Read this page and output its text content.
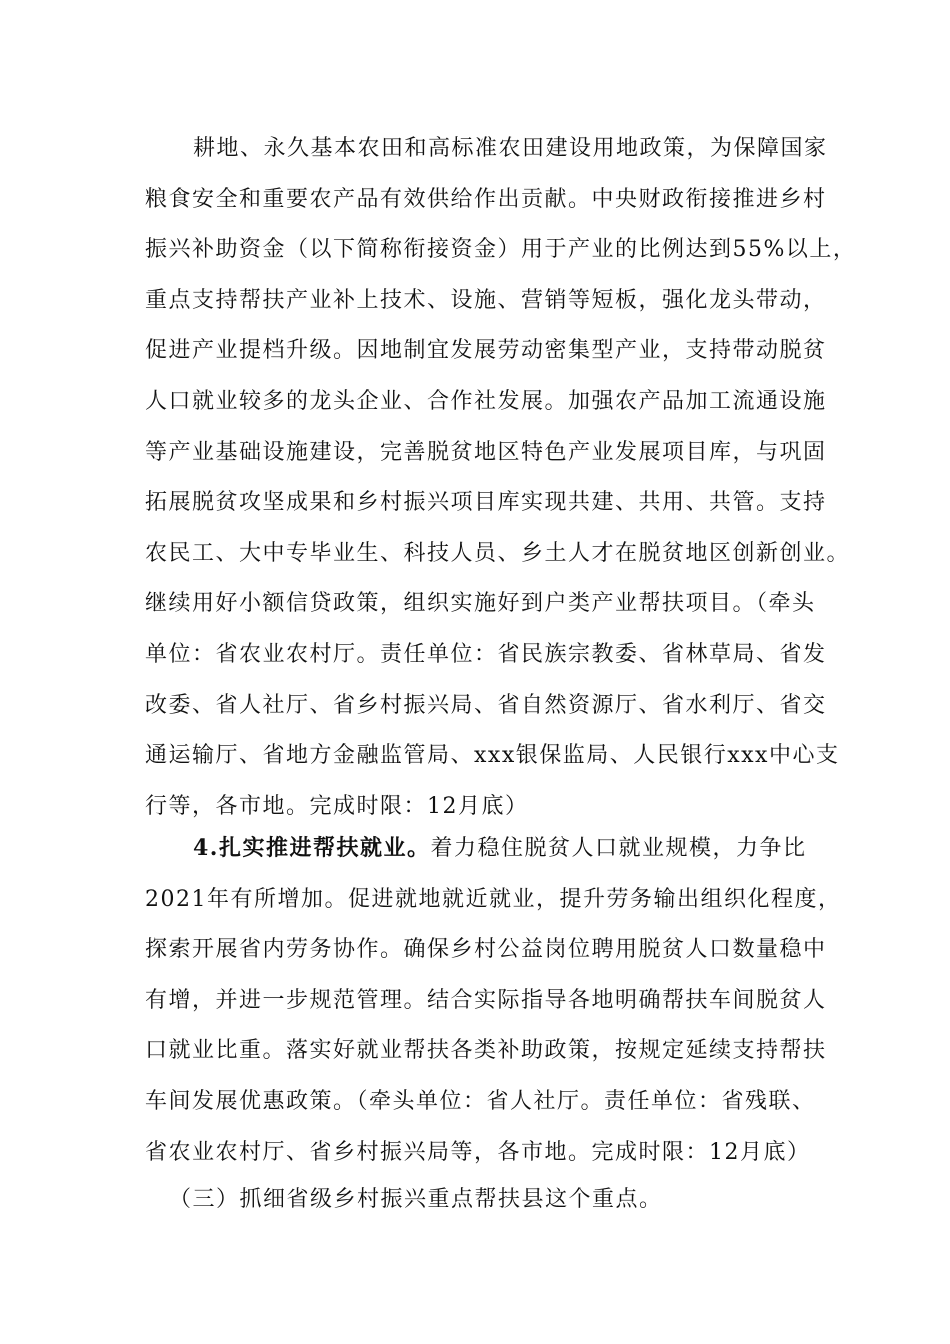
耕地、永久基本农田和高标准农田建设用地政策，为保障国家
粮食安全和重要农产品有效供给作出贡献。中央财政衔接推进乡村
振兴补助资金（以下简称衔接资金）用于产业的比例达到55%以上，
重点支持帮扶产业补上技术、设施、营销等短板，强化龙头带动，
促进产业提档升级。因地制宜发展劳动密集型产业，支持带动脱贫
人口就业较多的龙头企业、合作社发展。加强农产品加工流通设施
等产业基础设施建设，完善脱贫地区特色产业发展项目库，与巩固
拓展脱贫攻坚成果和乡村振兴项目库实现共建、共用、共管。支持
农民工、大中专毕业生、科技人员、乡土人才在脱贫地区创新创业。
继续用好小额信贷政策，组织实施好到户类产业帮扶项目。（牵头
单位：省农业农村厅。责任单位：省民族宗教委、省林草局、省发
改委、省人社厅、省乡村振兴局、省自然资源厅、省水利厅、省交
通运输厅、省地方金融监管局、xxx银保监局、人民银行xxx中心支
行等，各市地。完成时限：12月底）
4.扎实推进帮扶就业。着力稳住脱贫人口就业规模，力争比
2021年有所增加。促进就地就近就业，提升劳务输出组织化程度，
探索开展省内劳务协作。确保乡村公益岗位聘用脱贫人口数量稳中
有增，并进一步规范管理。结合实际指导各地明确帮扶车间脱贫人
口就业比重。落实好就业帮扶各类补助政策，按规定延续支持帮扶
车间发展优惠政策。（牵头单位：省人社厅。责任单位：省残联、
省农业农村厅、省乡村振兴局等，各市地。完成时限：12月底）
（三）抓细省级乡村振兴重点帮扶县这个重点。
